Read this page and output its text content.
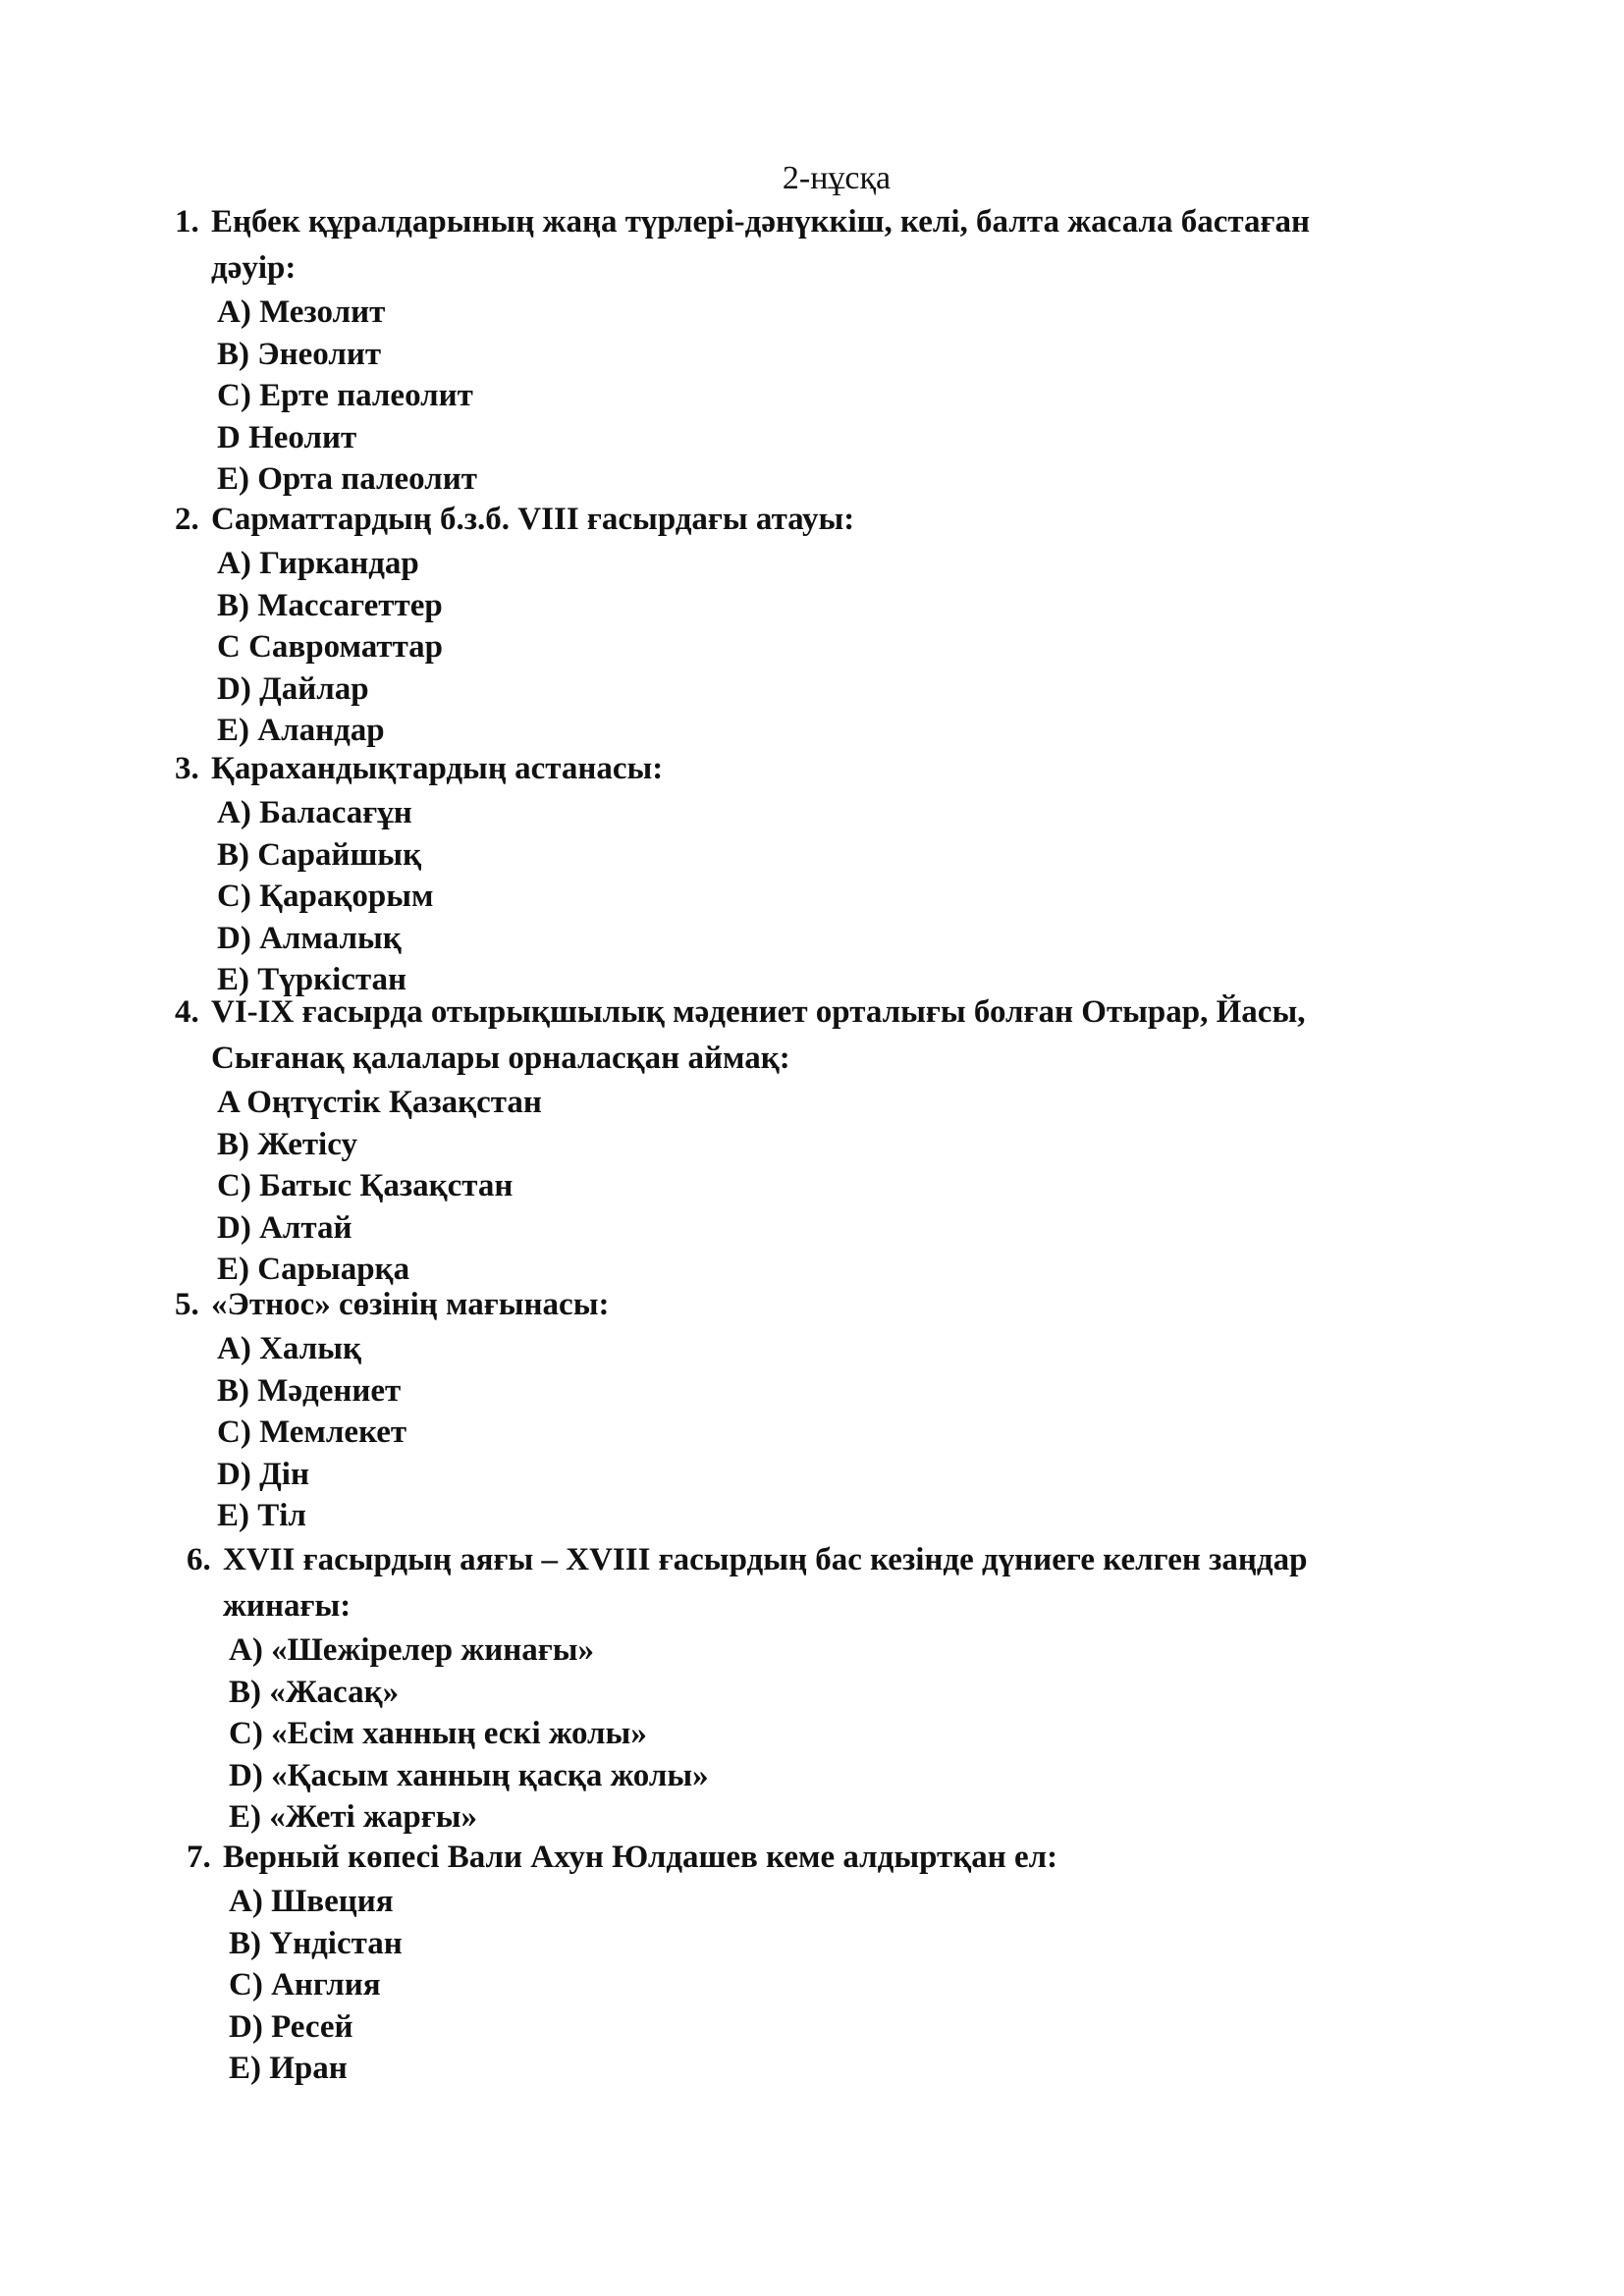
2-нұсқа
1. Еңбек құралдарының жаңа түрлері-дәнүккіш, келі, балта жасала бастаған дәуір:
A) Мезолит
B) Энеолит
C) Ерте палеолит
D Неолит
E) Орта палеолит
2. Сарматтардың б.з.б. VIII ғасырдағы атауы:
A) Гиркандар
B) Массагеттер
C Савроматтар
D) Дайлар
E) Аландар
3. Қарахандықтардың астанасы:
A) Баласағұн
B) Сарайшық
C) Қарақорым
D) Алмалық
E) Түркістан
4. VI-IX ғасырда отырықшылық мәдениет орталығы болған Отырар, Йасы, Сығанақ қалалары орналасқан аймақ:
A Оңтүстік Қазақстан
B) Жетісу
C) Батыс Қазақстан
D) Алтай
E) Сарыарқа
5. «Этнос» сөзінің мағынасы:
A) Халық
B) Мәдениет
C) Мемлекет
D) Дін
E) Тіл
6. XVII ғасырдың аяғы – XVIII ғасырдың бас кезінде дүниеге келген заңдар жинағы:
A) «Шежірелер жинағы»
B) «Жасақ»
C) «Есім ханның ескі жолы»
D) «Қасым ханның қасқа жолы»
E) «Жеті жарғы»
7. Верный көпесі Вали Ахун Юлдашев кеме алдыртқан ел:
A) Швеция
B) Үндістан
C) Англия
D) Ресей
E) Иран
